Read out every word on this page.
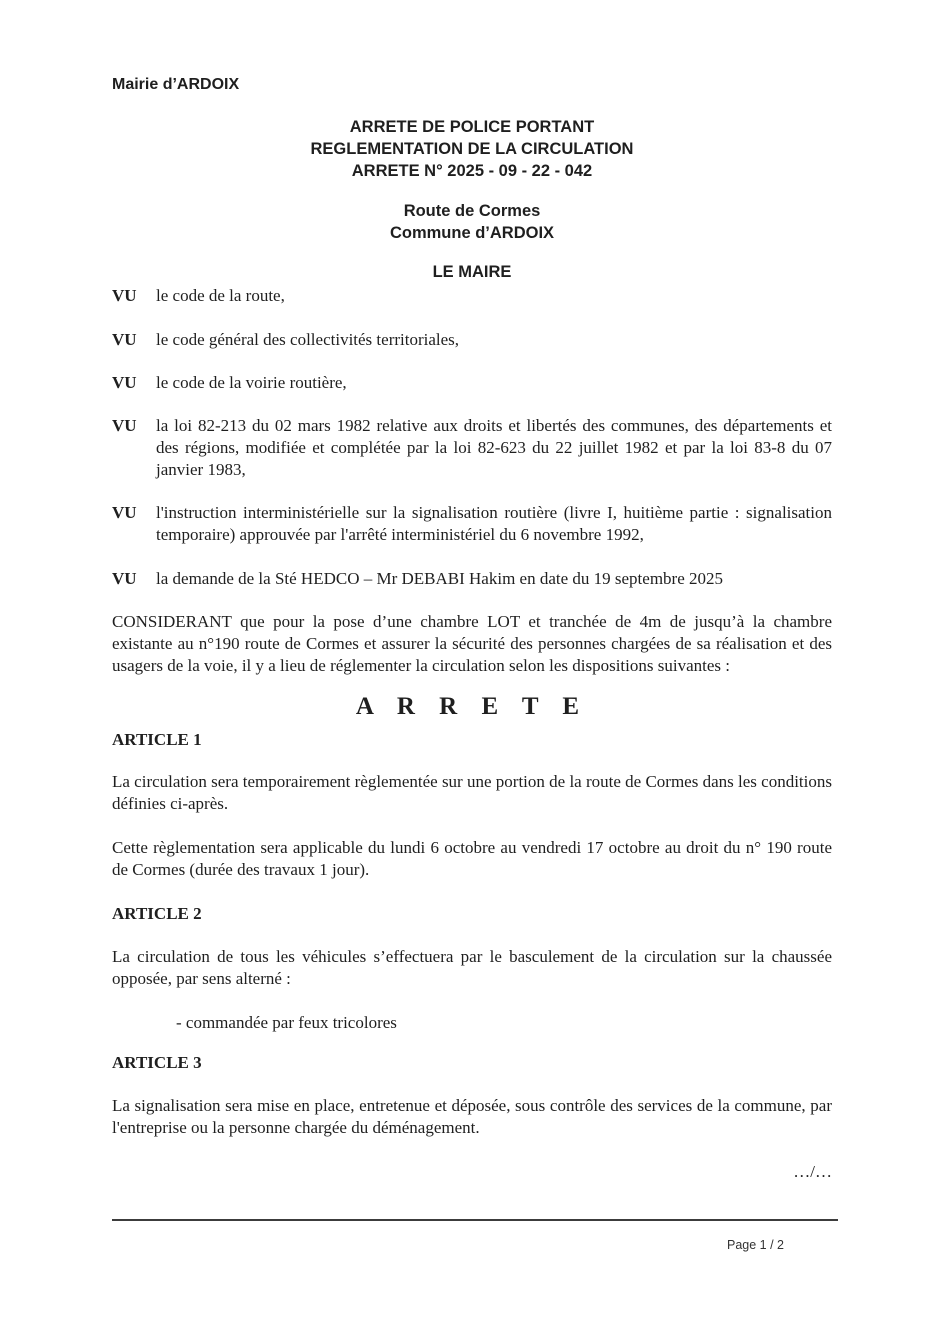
Mairie d’ARDOIX
ARRETE DE POLICE PORTANT
REGLEMENTATION DE LA CIRCULATION
ARRETE N° 2025 - 09 - 22 - 042
Route de Cormes
Commune d’ARDOIX
LE MAIRE
VU	le code de la route,
VU	le code général des collectivités territoriales,
VU	le code de la voirie routière,
VU	la loi 82-213 du 02 mars 1982 relative aux droits et libertés des communes, des départements et des régions, modifiée et complétée par la loi 82-623 du 22 juillet 1982 et par la loi 83-8 du 07 janvier 1983,
VU	l'instruction interministérielle sur la signalisation routière (livre I, huitième partie : signalisation temporaire) approuvée par l'arrêté interministériel du 6 novembre 1992,
VU	la demande de la Sté HEDCO – Mr DEBABI Hakim en date du 19 septembre 2025
CONSIDERANT que pour la pose d’une chambre LOT et tranchée de 4m de jusqu’à la chambre existante au n°190 route de Cormes et assurer la sécurité des personnes chargées de sa réalisation et des usagers de la voie, il y a lieu de réglementer la circulation selon les dispositions suivantes :
A R R E T E
ARTICLE 1
La circulation sera temporairement règlementée sur une portion de la route de Cormes dans les conditions définies ci-après.
Cette règlementation sera applicable du lundi 6 octobre au vendredi 17 octobre au droit du n° 190 route de Cormes (durée des travaux 1 jour).
ARTICLE 2
La circulation de tous les véhicules s’effectuera par le basculement de la circulation sur la chaussée opposée, par sens alterné :
- commandée par feux tricolores
ARTICLE 3
La signalisation sera mise en place, entretenue et déposée, sous contrôle des services de la commune, par l'entreprise ou la personne chargée du déménagement.
…/…
Page 1 / 2
